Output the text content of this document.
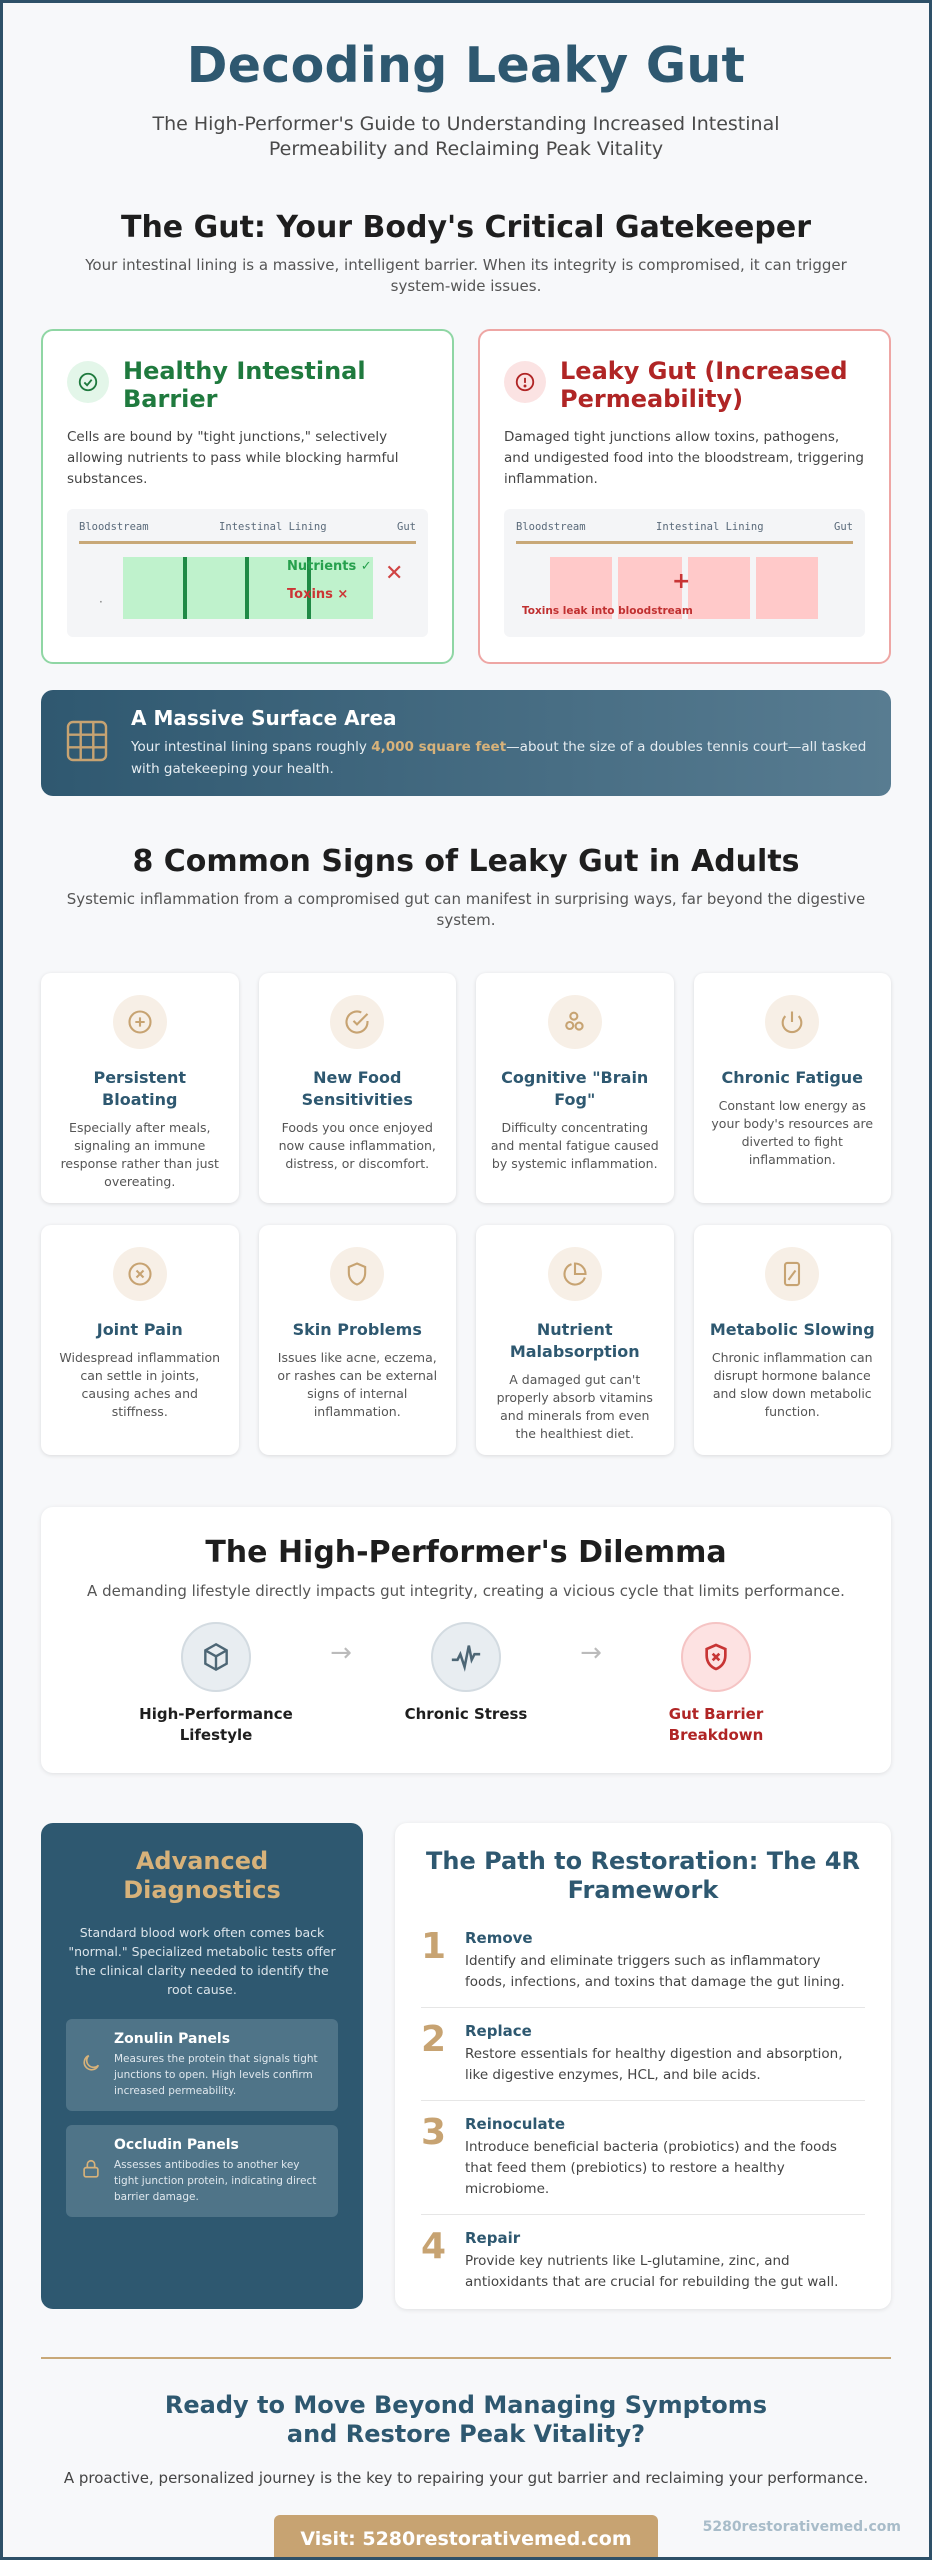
Decoding Leaky Gut

The High-Performer's Guide to Understanding Increased Intestinal Permeability and Reclaiming Peak Vitality

The Gut: Your Body's Critical Gatekeeper

Your intestinal lining is a massive, intelligent barrier. When its integrity is compromised, it can trigger system-wide issues.

Healthy Intestinal Barrier

Cells are bound by "tight junctions," selectively allowing nutrients to pass while blocking harmful substances.

Bloodstream	Intestinal Lining	Gut
·
Nutrients ✓
Toxins ×
✕
Leaky Gut (Increased Permeability)

Damaged tight junctions allow toxins, pathogens, and undigested food into the bloodstream, triggering inflammation.

Bloodstream	Intestinal Lining	Gut
+
Toxins leak into bloodstream
A Massive Surface Area
Your intestinal lining spans roughly 4,000 square feet—about the size of a doubles tennis court—all tasked with gatekeeping your health.
8 Common Signs of Leaky Gut in Adults

Systemic inflammation from a compromised gut can manifest in surprising ways, far beyond the digestive system.

Persistent Bloating
Especially after meals, signaling an immune response rather than just overeating.
New Food Sensitivities
Foods you once enjoyed now cause inflammation, distress, or discomfort.
Cognitive "Brain Fog"
Difficulty concentrating and mental fatigue caused by systemic inflammation.
Chronic Fatigue
Constant low energy as your body's resources are diverted to fight inflammation.
Joint Pain
Widespread inflammation can settle in joints, causing aches and stiffness.
Skin Problems
Issues like acne, eczema, or rashes can be external signs of internal inflammation.
Nutrient Malabsorption
A damaged gut can't properly absorb vitamins and minerals from even the healthiest diet.
Metabolic Slowing
Chronic inflammation can disrupt hormone balance and slow down metabolic function.
The High-Performer's Dilemma
A demanding lifestyle directly impacts gut integrity, creating a vicious cycle that limits performance.
High-Performance Lifestyle
→
Chronic Stress
→
Gut Barrier Breakdown
Advanced Diagnostics
Standard blood work often comes back "normal." Specialized metabolic tests offer the clinical clarity needed to identify the root cause.
Zonulin Panels
Measures the protein that signals tight junctions to open. High levels confirm increased permeability.
Occludin Panels
Assesses antibodies to another key tight junction protein, indicating direct barrier damage.
The Path to Restoration: The 4R Framework
1 Remove
Identify and eliminate triggers such as inflammatory foods, infections, and toxins that damage the gut lining.
2 Replace
Restore essentials for healthy digestion and absorption, like digestive enzymes, HCL, and bile acids.
3 Reinoculate
Introduce beneficial bacteria (probiotics) and the foods that feed them (prebiotics) to restore a healthy microbiome.
4 Repair
Provide key nutrients like L-glutamine, zinc, and antioxidants that are crucial for rebuilding the gut wall.
Ready to Move Beyond Managing Symptoms and Restore Peak Vitality?
A proactive, personalized journey is the key to repairing your gut barrier and reclaiming your performance.
Visit: 5280restorativemed.com
5280restorativemed.com
